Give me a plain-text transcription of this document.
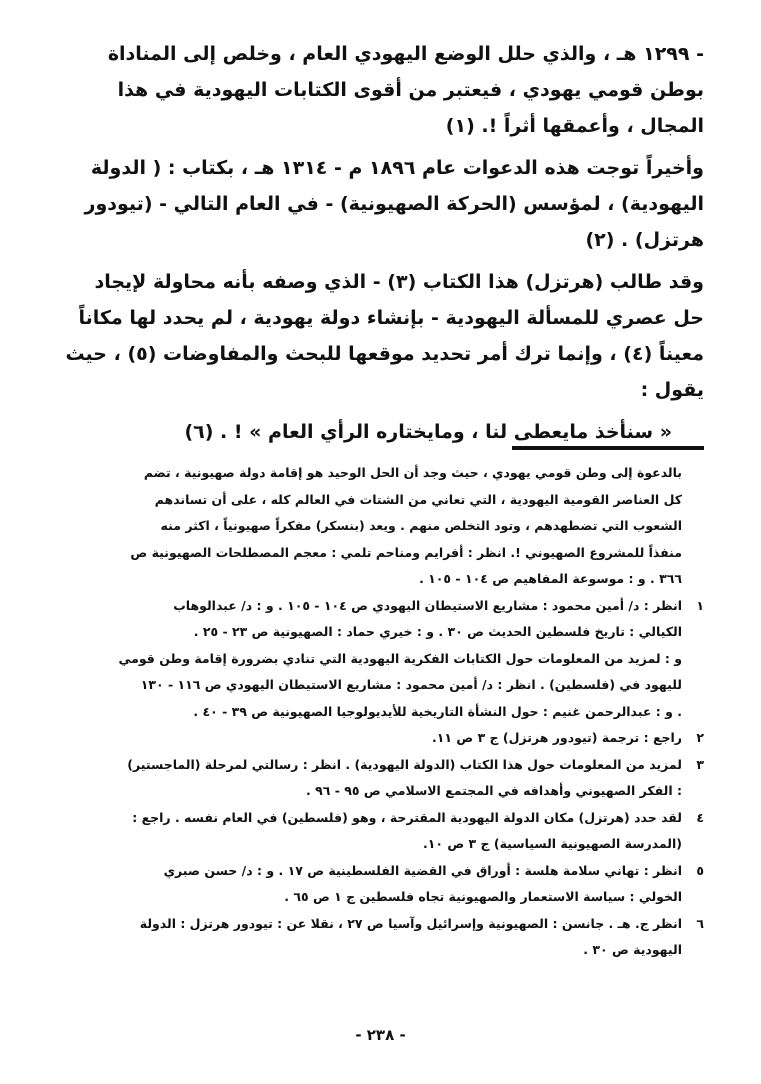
- ١٢٩٩ هـ ، والذي حلل الوضع اليهودي العام ، وخلص إلى المناداة
بوطن قومي يهودي ، فيعتبر من أقوى الكتابات اليهودية في هذا
المجال ، وأعمقها أثراً !. (١)

وأخيراً توجت هذه الدعوات عام ١٨٩٦ م - ١٣١٤ هـ ، بكتاب : ( الدولة
اليهودية) ، لمؤسس (الحركة الصهيونية) - في العام التالي - (تيودور
هرتزل) . (٢)

وقد طالب (هرتزل) هذا الكتاب (٣) - الذي وصفه بأنه محاولة لإيجاد
حل عصري للمسألة اليهودية - بإنشاء دولة يهودية ، لم يحدد لها مكاناً
معيناً (٤) ، وإنما ترك أمر تحديد موقعها للبحث والمفاوضات (٥) ، حيث
يقول :

« سنأخذ مايعطى لنا ، ومايختاره الرأي العام » ! . (٦)

بالدعوة إلى وطن قومي يهودي ، حيث وجد أن الحل الوحيد هو إقامة دولة صهيونية ، تضم
كل العناصر القومية اليهودية ، التي تعاني من الشتات في العالم كله ، على أن تساندهم
الشعوب التي تضطهدهم ، وتود التخلص منهم . ويعد (بنسكر) مفكراً صهيونياً ، اكثر منه
منفذاً للمشروع الصهيوني !. انظر : أفرايم ومناحم تلمي : معجم المصطلحات الصهيونية ص
٣٦٦ . و : موسوعة المفاهيم ص ١٠٤ - ١٠٥ .
١
انظر : د/ أمين محمود : مشاريع الاستيطان اليهودي ص ١٠٤ - ١٠٥ . و : د/ عبدالوهاب
الكيالي : تاريخ فلسطين الحديث ص ٣٠ . و : خيري حماد : الصهيونية ص ٢٣ - ٢٥ .
و : لمزيد من المعلومات حول الكتابات الفكرية اليهودية التي تنادي بضرورة إقامة وطن قومي
لليهود في (فلسطين) . انظر : د/ أمين محمود : مشاريع الاستيطان اليهودي ص ١١٦ - ١٣٠
. و : عبدالرحمن غنيم : حول النشأة التاريخية للأيديولوجيا الصهيونية ص ٣٩ - ٤٠ .
٢
راجع : ترجمة (تيودور هرتزل) ج ٣ ص ١١.
٣
لمزيد من المعلومات حول هذا الكتاب (الدولة اليهودية) . انظر : رسالتي لمرحلة (الماجستير)
: الفكر الصهيوني وأهدافه في المجتمع الاسلامي ص ٩٥ - ٩٦ .
٤
لقد حدد (هرتزل) مكان الدولة اليهودية المقترحة ، وهو (فلسطين) في العام نفسه . راجع :
(المدرسة الصهيونية السياسية) ج ٣ ص ١٠.
٥
انظر : تهاني سلامة هلسة : أوراق في القضية الفلسطينية ص ١٧ . و : د/ حسن صبري
الخولي : سياسة الاستعمار والصهيونية تجاه فلسطين ج ١ ص ٦٥ .
٦
انظر ج. هـ . جانسن : الصهيونية وإسرائيل وآسيا ص ٢٧ ، نقلا عن : تيودور هرتزل : الدولة
اليهودية ص ٣٠ .
- ٢٣٨ -
